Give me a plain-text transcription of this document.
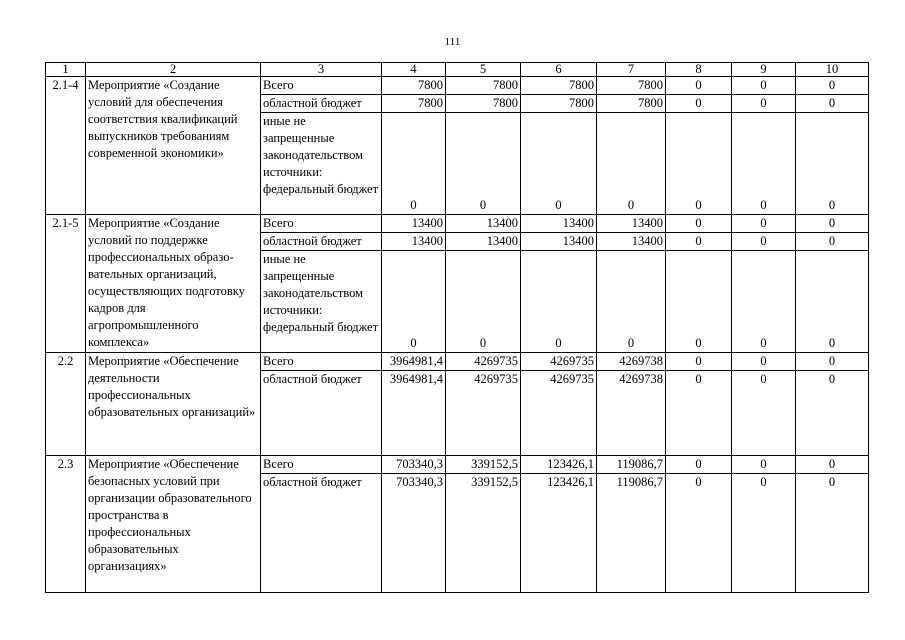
111
1	2	3	4	5	6	7	8	9	10
2.1-4	Мероприятие «Создание условий для обеспечения соответствия квалификаций выпускников требованиям современной экономики»	Всего	7800	7800	7800	7800	0	0	0
		областной бюджет	7800	7800	7800	7800	0	0	0
		иные не запрещенные законодательством источники: федеральный бюджет	0	0	0	0	0	0	0
2.1-5	Мероприятие «Создание условий по поддержке профессиональных образо-вательных организаций, осуществляющих подготовку кадров для агропромышленного комплекса»	Всего	13400	13400	13400	13400	0	0	0
		областной бюджет	13400	13400	13400	13400	0	0	0
		иные не запрещенные законодательством источники: федеральный бюджет	0	0	0	0	0	0	0
2.2	Мероприятие «Обеспечение деятельности профессиональных образовательных организаций»	Всего	3964981,4	4269735	4269735	4269738	0	0	0
		областной бюджет	3964981,4	4269735	4269735	4269738	0	0	0
2.3	Мероприятие «Обеспечение безопасных условий при организации образовательного пространства в профессиональных образовательных организациях»	Всего	703340,3	339152,5	123426,1	119086,7	0	0	0
		областной бюджет	703340,3	339152,5	123426,1	119086,7	0	0	0
